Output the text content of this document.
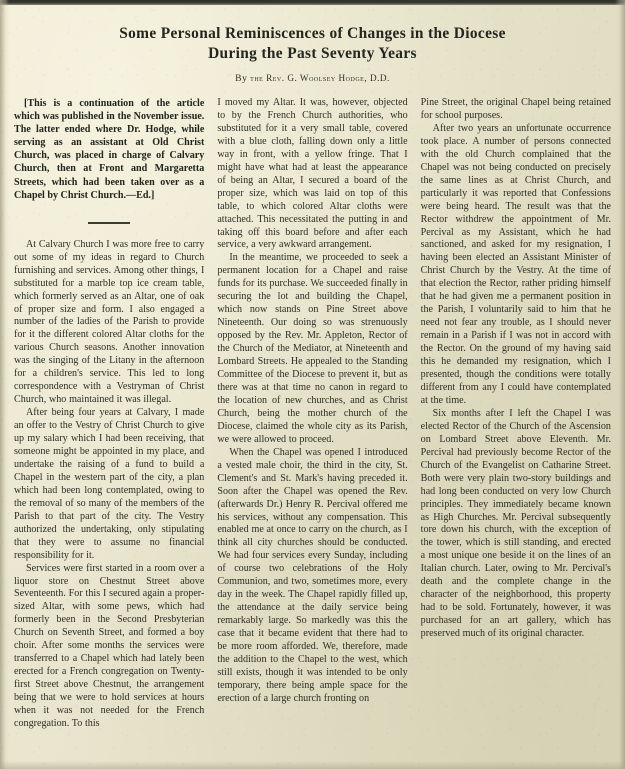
Some Personal Reminiscences of Changes in the Diocese
During the Past Seventy Years
By the Rev. G. Woolsey Hodge, D.D.

[This is a continuation of the article which was published in the November issue. The latter ended where Dr. Hodge, while serving as an assistant at Old Christ Church, was placed in charge of Calvary Church, then at Front and Margaretta Streets, which had been taken over as a Chapel by Christ Church.—Ed.]

At Calvary Church I was more free to carry out some of my ideas in regard to Church furnishing and services. Among other things, I substituted for a marble top ice cream table, which formerly served as an Altar, one of oak of proper size and form. I also engaged a number of the ladies of the Parish to provide for it the different colored Altar cloths for the various Church seasons. Another innovation was the singing of the Litany in the afternoon for a children's service. This led to long correspondence with a Vestryman of Christ Church, who maintained it was illegal.

After being four years at Calvary, I made an offer to the Vestry of Christ Church to give up my salary which I had been receiving, that someone might be appointed in my place, and undertake the raising of a fund to build a Chapel in the western part of the city, a plan which had been long contemplated, owing to the removal of so many of the members of the Parish to that part of the city. The Vestry authorized the undertaking, only stipulating that they were to assume no financial responsibility for it.

Services were first started in a room over a liquor store on Chestnut Street above Seventeenth. For this I secured again a proper-sized Altar, with some pews, which had formerly been in the Second Presbyterian Church on Seventh Street, and formed a boy choir. After some months the services were transferred to a Chapel which had lately been erected for a French congregation on Twenty-first Street above Chestnut, the arrangement being that we were to hold services at hours when it was not needed for the French congregation. To this

I moved my Altar. It was, however, objected to by the French Church authorities, who substituted for it a very small table, covered with a blue cloth, falling down only a little way in front, with a yellow fringe. That I might have what had at least the appearance of being an Altar, I secured a board of the proper size, which was laid on top of this table, to which colored Altar cloths were attached. This necessitated the putting in and taking off this board before and after each service, a very awkward arrangement.

In the meantime, we proceeded to seek a permanent location for a Chapel and raise funds for its purchase. We succeeded finally in securing the lot and building the Chapel, which now stands on Pine Street above Nineteenth. Our doing so was strenuously opposed by the Rev. Mr. Appleton, Rector of the Church of the Mediator, at Nineteenth and Lombard Streets. He appealed to the Standing Committee of the Diocese to prevent it, but as there was at that time no canon in regard to the location of new churches, and as Christ Church, being the mother church of the Diocese, claimed the whole city as its Parish, we were allowed to proceed.

When the Chapel was opened I introduced a vested male choir, the third in the city, St. Clement's and St. Mark's having preceded it. Soon after the Chapel was opened the Rev. (afterwards Dr.) Henry R. Percival offered me his services, without any compensation. This enabled me at once to carry on the church, as I think all city churches should be conducted. We had four services every Sunday, including of course two celebrations of the Holy Communion, and two, sometimes more, every day in the week. The Chapel rapidly filled up, the attendance at the daily service being remarkably large. So markedly was this the case that it became evident that there had to be more room afforded. We, therefore, made the addition to the Chapel to the west, which still exists, though it was intended to be only temporary, there being ample space for the erection of a large church fronting on

Pine Street, the original Chapel being retained for school purposes.

After two years an unfortunate occurrence took place. A number of persons connected with the old Church complained that the Chapel was not being conducted on precisely the same lines as at Christ Church, and particularly it was reported that Confessions were being heard. The result was that the Rector withdrew the appointment of Mr. Percival as my Assistant, which he had sanctioned, and asked for my resignation, I having been elected an Assistant Minister of Christ Church by the Vestry. At the time of that election the Rector, rather priding himself that he had given me a permanent position in the Parish, I voluntarily said to him that he need not fear any trouble, as I should never remain in a Parish if I was not in accord with the Rector. On the ground of my having said this he demanded my resignation, which I presented, though the conditions were totally different from any I could have contemplated at the time.

Six months after I left the Chapel I was elected Rector of the Church of the Ascension on Lombard Street above Eleventh. Mr. Percival had previously become Rector of the Church of the Evangelist on Catharine Street. Both were very plain two-story buildings and had long been conducted on very low Church principles. They immediately became known as High Churches. Mr. Percival subsequently tore down his church, with the exception of the tower, which is still standing, and erected a most unique one beside it on the lines of an Italian church. Later, owing to Mr. Percival's death and the complete change in the character of the neighborhood, this property had to be sold. Fortunately, however, it was purchased for an art gallery, which has preserved much of its original character.
